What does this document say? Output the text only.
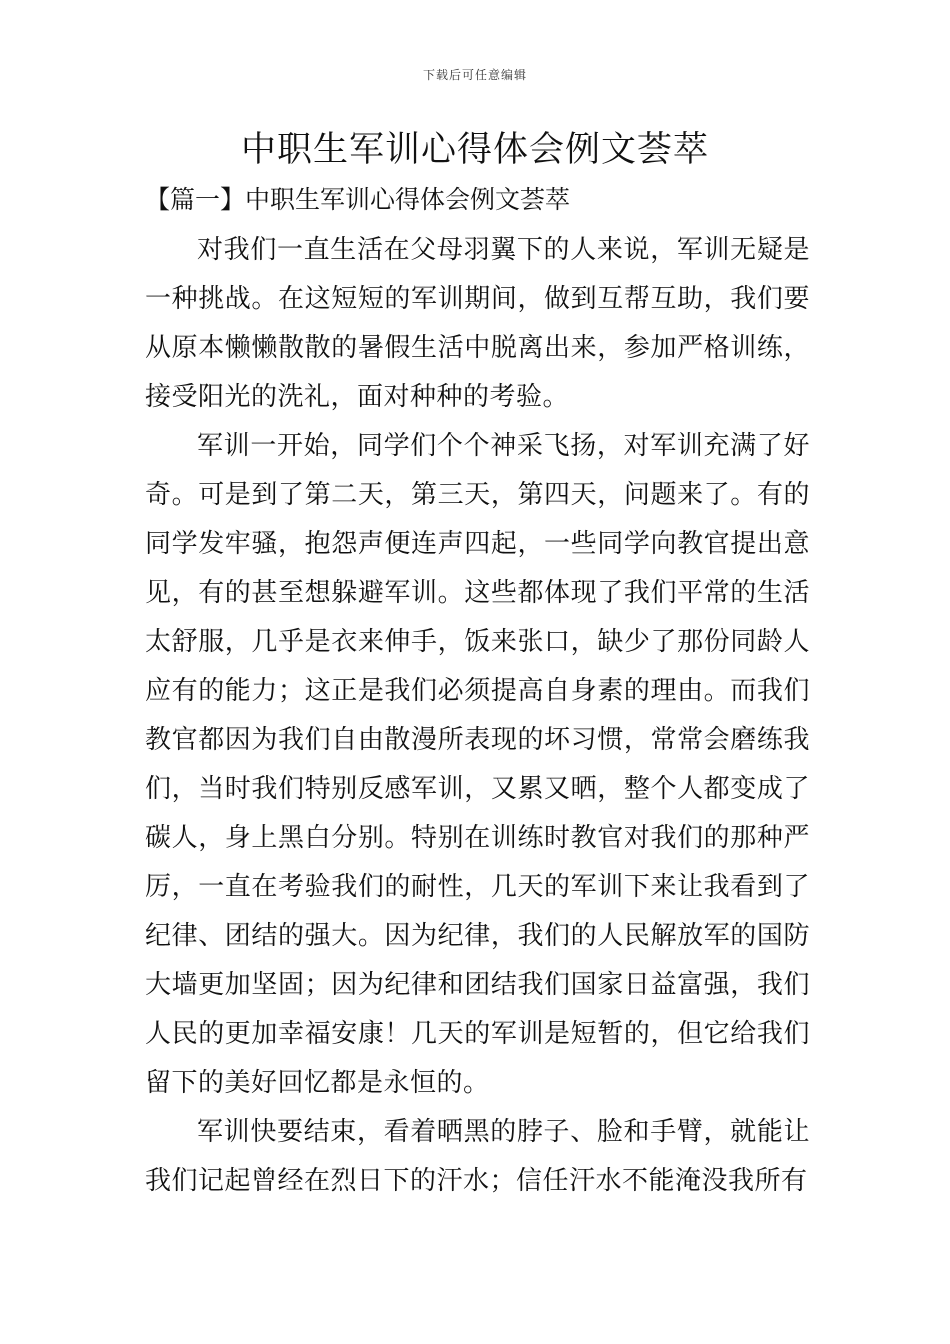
下载后可任意编辑
中职生军训心得体会例文荟萃
【篇一】中职生军训心得体会例文荟萃

对我们一直生活在父母羽翼下的人来说，军训无疑是一种挑战。在这短短的军训期间，做到互帮互助，我们要从原本懒懒散散的暑假生活中脱离出来，参加严格训练，接受阳光的洗礼，面对种种的考验。

军训一开始，同学们个个神采飞扬，对军训充满了好奇。可是到了第二天，第三天，第四天，问题来了。有的同学发牢骚，抱怨声便连声四起，一些同学向教官提出意见，有的甚至想躲避军训。这些都体现了我们平常的生活太舒服，几乎是衣来伸手，饭来张口，缺少了那份同龄人应有的能力；这正是我们必须提高自身素的理由。而我们教官都因为我们自由散漫所表现的坏习惯，常常会磨练我们，当时我们特别反感军训，又累又晒，整个人都变成了碳人，身上黑白分别。特别在训练时教官对我们的那种严厉，一直在考验我们的耐性，几天的军训下来让我看到了纪律、团结的强大。因为纪律，我们的人民解放军的国防大墙更加坚固；因为纪律和团结我们国家日益富强，我们人民的更加幸福安康！几天的军训是短暂的，但它给我们留下的美好回忆都是永恒的。

军训快要结束，看着晒黑的脖子、脸和手臂，就能让我们记起曾经在烈日下的汗水；信任汗水不能淹没我所有
